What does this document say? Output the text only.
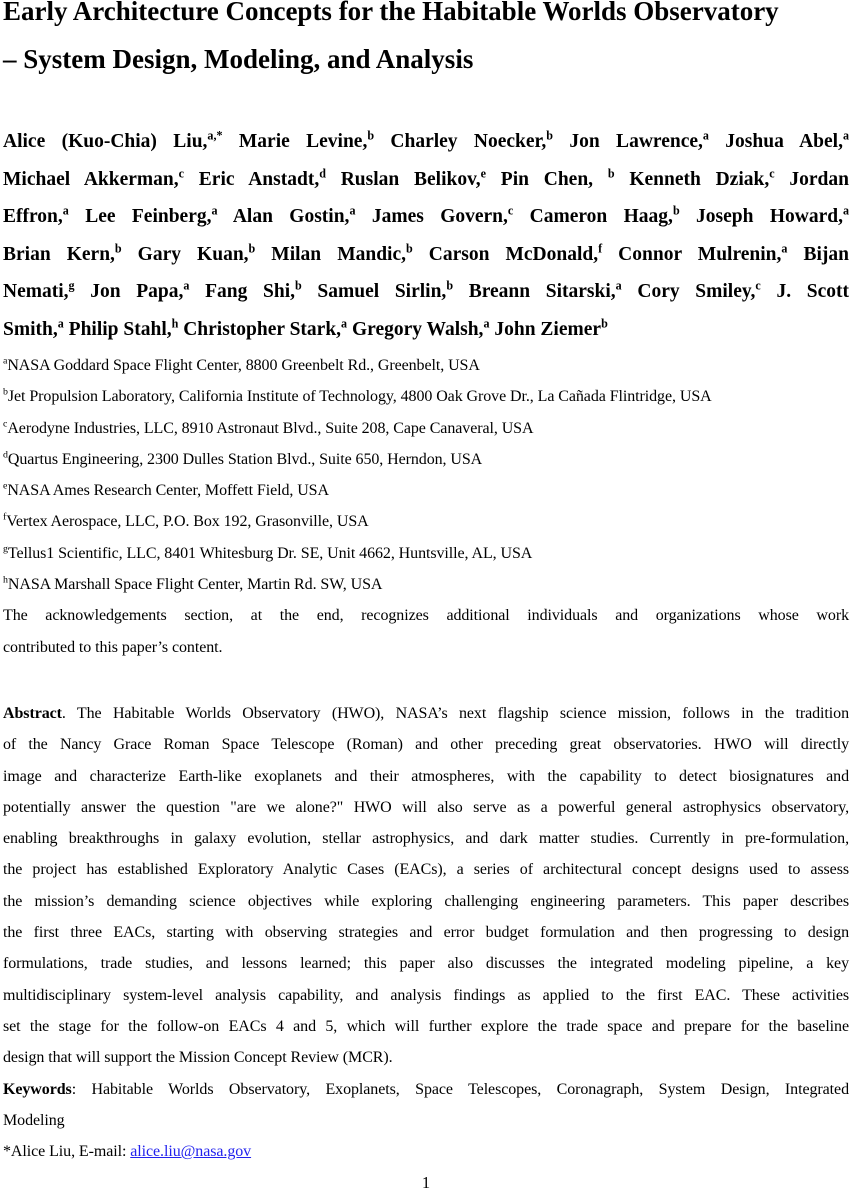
Early Architecture Concepts for the Habitable Worlds Observatory
– System Design, Modeling, and Analysis
Alice (Kuo-Chia) Liu,$^{a,*}$ Marie Levine,$^b$ Charley Noecker,$^b$ Jon Lawrence,$^a$ Joshua Abel,$^a$
Michael Akkerman,$^c$ Eric Anstadt,$^d$ Ruslan Belikov,$^e$ Pin Chen, $^b$ Kenneth Dziak,$^c$ Jordan
Effron,$^a$ Lee Feinberg,$^a$ Alan Gostin,$^a$ James Govern,$^c$ Cameron Haag,$^b$ Joseph Howard,$^a$
Brian Kern,$^b$ Gary Kuan,$^b$ Milan Mandic,$^b$ Carson McDonald,$^f$ Connor Mulrenin,$^a$ Bijan
Nemati,$^g$ Jon Papa,$^a$ Fang Shi,$^b$ Samuel Sirlin,$^b$ Breann Sitarski,$^a$ Cory Smiley,$^c$ J. Scott
Smith,$^a$ Philip Stahl,$^h$ Christopher Stark,$^a$ Gregory Walsh,$^a$ John Ziemer$^b$
$^a$NASA Goddard Space Flight Center, 8800 Greenbelt Rd., Greenbelt, USA
$^b$Jet Propulsion Laboratory, California Institute of Technology, 4800 Oak Grove Dr., La Cañada Flintridge, USA
$^c$Aerodyne Industries, LLC, 8910 Astronaut Blvd., Suite 208, Cape Canaveral, USA
$^d$Quartus Engineering, 2300 Dulles Station Blvd., Suite 650, Herndon, USA
$^e$NASA Ames Research Center, Moffett Field, USA
$^f$Vertex Aerospace, LLC, P.O. Box 192, Grasonville, USA
$^g$Tellus1 Scientific, LLC, 8401 Whitesburg Dr. SE, Unit 4662, Huntsville, AL, USA
$^h$NASA Marshall Space Flight Center, Martin Rd. SW, USA
The acknowledgements section, at the end, recognizes additional individuals and organizations whose work
contributed to this paper’s content.
Abstract. The Habitable Worlds Observatory (HWO), NASA’s next flagship science mission, follows in the tradition
of the Nancy Grace Roman Space Telescope (Roman) and other preceding great observatories. HWO will directly
image and characterize Earth-like exoplanets and their atmospheres, with the capability to detect biosignatures and
potentially answer the question "are we alone?" HWO will also serve as a powerful general astrophysics observatory,
enabling breakthroughs in galaxy evolution, stellar astrophysics, and dark matter studies. Currently in pre-formulation,
the project has established Exploratory Analytic Cases (EACs), a series of architectural concept designs used to assess
the mission’s demanding science objectives while exploring challenging engineering parameters. This paper describes
the first three EACs, starting with observing strategies and error budget formulation and then progressing to design
formulations, trade studies, and lessons learned; this paper also discusses the integrated modeling pipeline, a key
multidisciplinary system-level analysis capability, and analysis findings as applied to the first EAC. These activities
set the stage for the follow-on EACs 4 and 5, which will further explore the trade space and prepare for the baseline
design that will support the Mission Concept Review (MCR).
Keywords: Habitable Worlds Observatory, Exoplanets, Space Telescopes, Coronagraph, System Design, Integrated
Modeling
*Alice Liu, E-mail: alice.liu@nasa.gov
1
